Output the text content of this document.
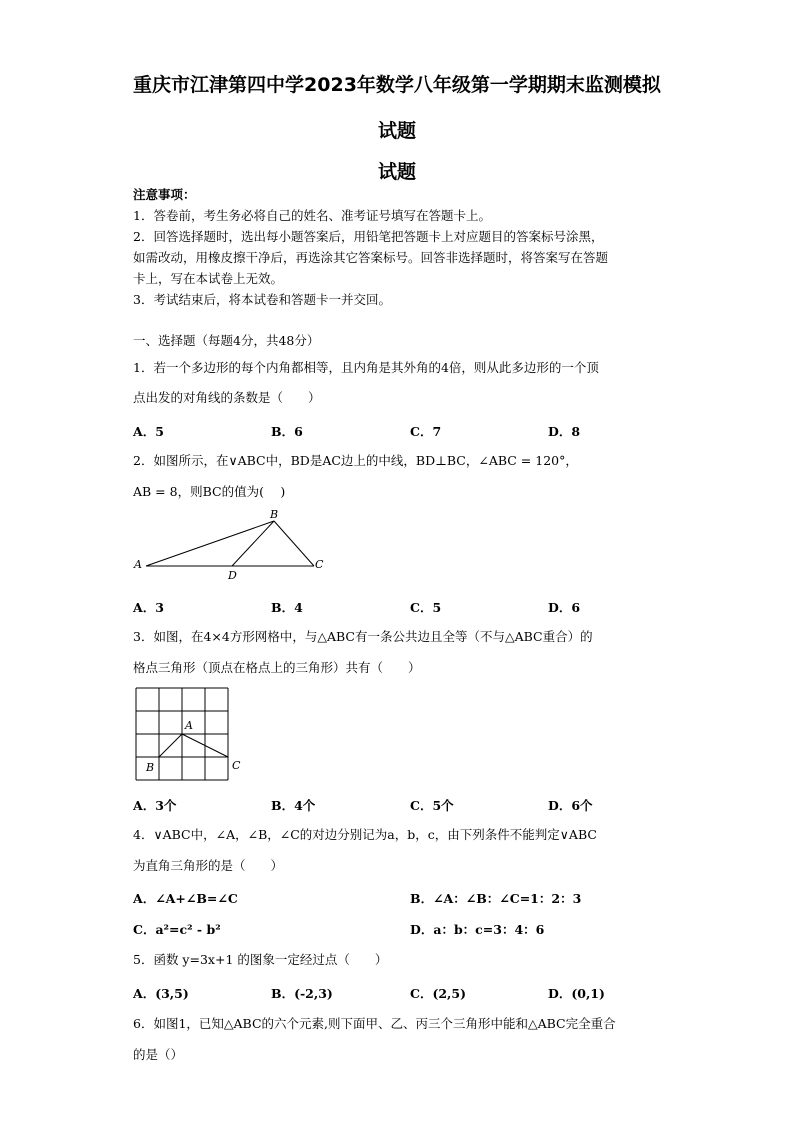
重庆市江津第四中学2023年数学八年级第一学期期末监测模拟
试题
试题
注意事项：
1．答卷前，考生务必将自己的姓名、准考证号填写在答题卡上。
2．回答选择题时，选出每小题答案后，用铅笔把答题卡上对应题目的答案标号涂黑，
如需改动，用橡皮擦干净后，再选涂其它答案标号。回答非选择题时，将答案写在答题
卡上，写在本试卷上无效。
3．考试结束后，将本试卷和答题卡一并交回。
一、选择题（每题4分，共48分）
1．若一个多边形的每个内角都相等，且内角是其外角的4倍，则从此多边形的一个顶
点出发的对角线的条数是（　　）
A．5	B．6	C．7	D．8
2．如图所示，在∨ABC中，BD是AC边上的中线，BD⊥BC，∠ABC = 120°，
AB = 8，则BC的值为(　 )
A
B
C
D
A．3	B．4	C．5	D．6
3．如图，在4×4方形网格中，与△ABC有一条公共边且全等（不与△ABC重合）的
格点三角形（顶点在格点上的三角形）共有（　　）
A
B	C
A．3个	B．4个	C．5个	D．6个
4．∨ABC中，∠A，∠B，∠C的对边分别记为a，b，c，由下列条件不能判定∨ABC
为直角三角形的是（　　）
A．∠A+∠B=∠C	B．∠A：∠B：∠C=1：2：3
C．a²=c² - b²	D．a：b：c=3：4：6
5．函数 y=3x+1 的图象一定经过点（　　）
A．(3,5)	B．(-2,3)	C．(2,5)	D．(0,1)
6．如图1，已知△ABC的六个元素,则下面甲、乙、丙三个三角形中能和△ABC完全重合
的是（）
